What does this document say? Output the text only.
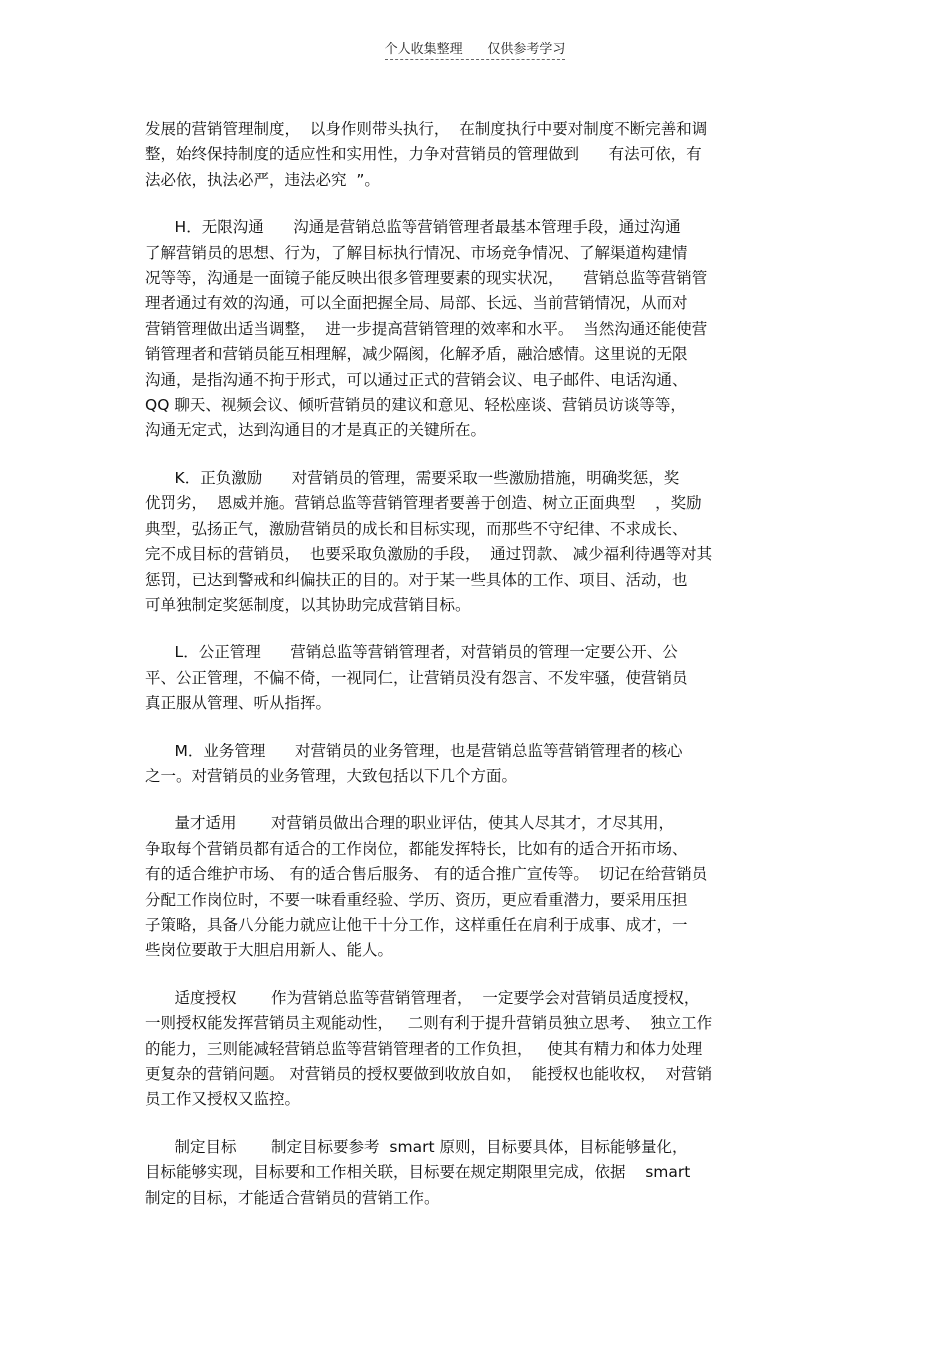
个人收集整理 仅供参考学习
发展的营销管理制度，  以身作则带头执行，  在制度执行中要对制度不断完善和调
整，始终保持制度的适应性和实用性，力争对营销员的管理做到      有法可依，有
法必依，执法必严，违法必究  ”。
H．无限沟通      沟通是营销总监等营销管理者最基本管理手段，通过沟通
了解营销员的思想、行为，了解目标执行情况、市场竞争情况、了解渠道构建情
况等等，沟通是一面镜子能反映出很多管理要素的现实状况，    营销总监等营销管
理者通过有效的沟通，可以全面把握全局、局部、长远、当前营销情况，从而对
营销管理做出适当调整，  进一步提高营销管理的效率和水平。  当然沟通还能使营
销管理者和营销员能互相理解，减少隔阂，化解矛盾，融洽感情。这里说的无限
沟通，是指沟通不拘于形式，可以通过正式的营销会议、电子邮件、电话沟通、
QQ 聊天、视频会议、倾听营销员的建议和意见、轻松座谈、营销员访谈等等，
沟通无定式，达到沟通目的才是真正的关键所在。
K．正负激励      对营销员的管理，需要采取一些激励措施，明确奖惩，奖
优罚劣，  恩威并施。营销总监等营销管理者要善于创造、树立正面典型    ，奖励
典型，弘扬正气，激励营销员的成长和目标实现，而那些不守纪律、不求成长、
完不成目标的营销员，  也要采取负激励的手段，  通过罚款、 减少福利待遇等对其
惩罚，已达到警戒和纠偏扶正的目的。对于某一些具体的工作、项目、活动，也
可单独制定奖惩制度，以其协助完成营销目标。
L．公正管理      营销总监等营销管理者，对营销员的管理一定要公开、公
平、公正管理，不偏不倚，一视同仁，让营销员没有怨言、不发牢骚，使营销员
真正服从管理、听从指挥。
M．业务管理      对营销员的业务管理，也是营销总监等营销管理者的核心
之一。对营销员的业务管理，大致包括以下几个方面。
量才适用       对营销员做出合理的职业评估，使其人尽其才，才尽其用，
争取每个营销员都有适合的工作岗位，都能发挥特长，比如有的适合开拓市场、
有的适合维护市场、 有的适合售后服务、 有的适合推广宣传等。  切记在给营销员
分配工作岗位时，不要一味看重经验、学历、资历，更应看重潜力，要采用压担
子策略，具备八分能力就应让他干十分工作，这样重任在肩利于成事、成才，一
些岗位要敢于大胆启用新人、能人。
适度授权       作为营销总监等营销管理者，  一定要学会对营销员适度授权，
一则授权能发挥营销员主观能动性，   二则有利于提升营销员独立思考、  独立工作
的能力，三则能减轻营销总监等营销管理者的工作负担，   使其有精力和体力处理
更复杂的营销问题。 对营销员的授权要做到收放自如，  能授权也能收权，  对营销
员工作又授权又监控。
制定目标       制定目标要参考  smart 原则，目标要具体，目标能够量化，
目标能够实现，目标要和工作相关联，目标要在规定期限里完成，依据    smart
制定的目标，才能适合营销员的营销工作。
